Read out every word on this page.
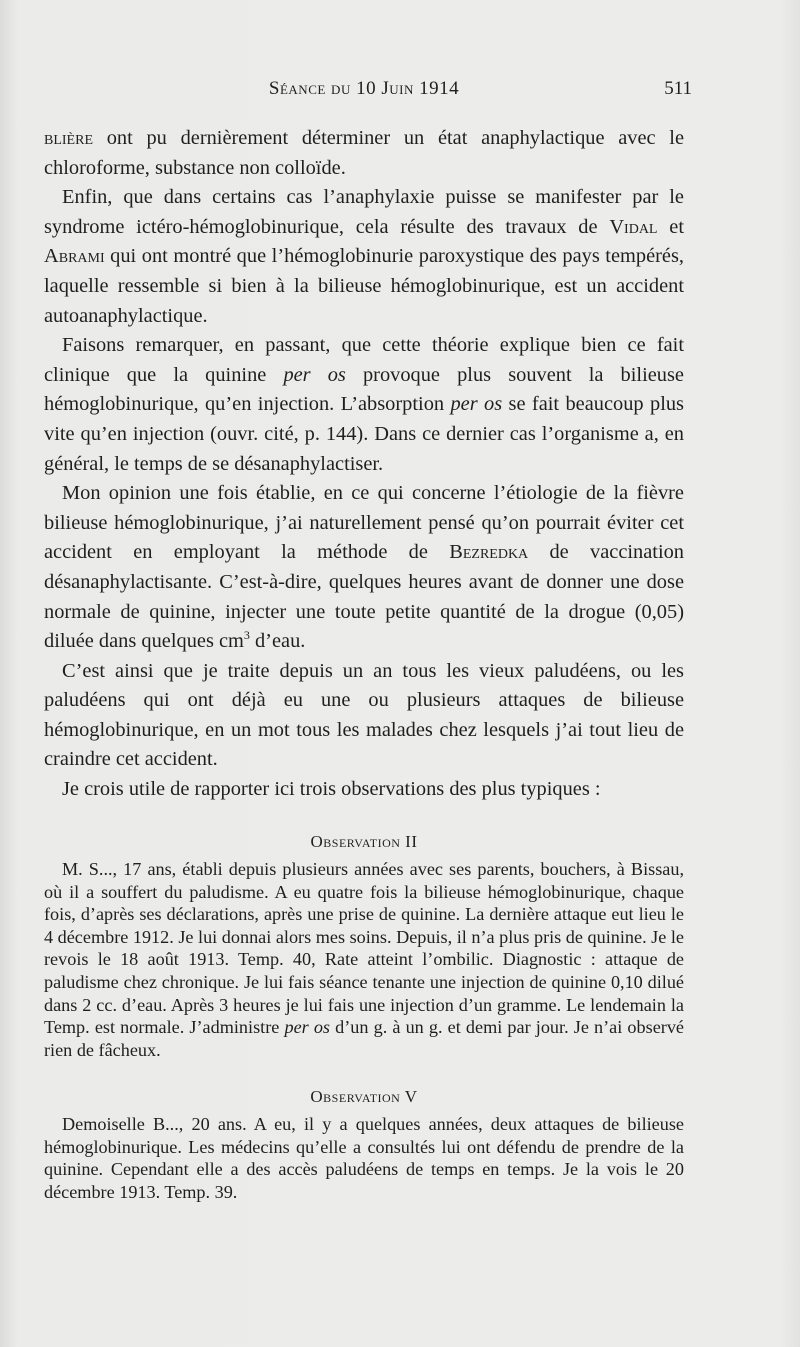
Séance du 10 Juin 1914	511

blière ont pu dernièrement déterminer un état anaphylactique avec le chloroforme, substance non colloïde.

Enfin, que dans certains cas l’anaphylaxie puisse se manifester par le syndrome ictéro-hémoglobinurique, cela résulte des travaux de Vidal et Abrami qui ont montré que l’hémoglobinurie paroxystique des pays tempérés, laquelle ressemble si bien à la bilieuse hémoglobinurique, est un accident autoanaphylactique.

Faisons remarquer, en passant, que cette théorie explique bien ce fait clinique que la quinine per os provoque plus souvent la bilieuse hémoglobinurique, qu’en injection. L’absorption per os se fait beaucoup plus vite qu’en injection (ouvr. cité, p. 144). Dans ce dernier cas l’organisme a, en général, le temps de se désanaphylactiser.

Mon opinion une fois établie, en ce qui concerne l’étiologie de la fièvre bilieuse hémoglobinurique, j’ai naturellement pensé qu’on pourrait éviter cet accident en employant la méthode de Bezredka de vaccination désanaphylactisante. C’est-à-dire, quelques heures avant de donner une dose normale de quinine, injecter une toute petite quantité de la drogue (0,05) diluée dans quelques $cm^3$ d’eau.

C’est ainsi que je traite depuis un an tous les vieux paludéens, ou les paludéens qui ont déjà eu une ou plusieurs attaques de bilieuse hémoglobinurique, en un mot tous les malades chez lesquels j’ai tout lieu de craindre cet accident.

Je crois utile de rapporter ici trois observations des plus typiques :

Observation II

M. S..., 17 ans, établi depuis plusieurs années avec ses parents, bouchers, à Bissau, où il a souffert du paludisme. A eu quatre fois la bilieuse hémoglobinurique, chaque fois, d’après ses déclarations, après une prise de quinine. La dernière attaque eut lieu le 4 décembre 1912. Je lui donnai alors mes soins. Depuis, il n’a plus pris de quinine. Je le revois le 18 août 1913. Temp. 40, Rate atteint l’ombilic. Diagnostic : attaque de paludisme chez chronique. Je lui fais séance tenante une injection de quinine 0,10 dilué dans 2 cc. d’eau. Après 3 heures je lui fais une injection d’un gramme. Le lendemain la Temp. est normale. J’administre per os d’un g. à un g. et demi par jour. Je n’ai observé rien de fâcheux.

Observation V

Demoiselle B..., 20 ans. A eu, il y a quelques années, deux attaques de bilieuse hémoglobinurique. Les médecins qu’elle a consultés lui ont défendu de prendre de la quinine. Cependant elle a des accès paludéens de temps en temps. Je la vois le 20 décembre 1913. Temp. 39.
